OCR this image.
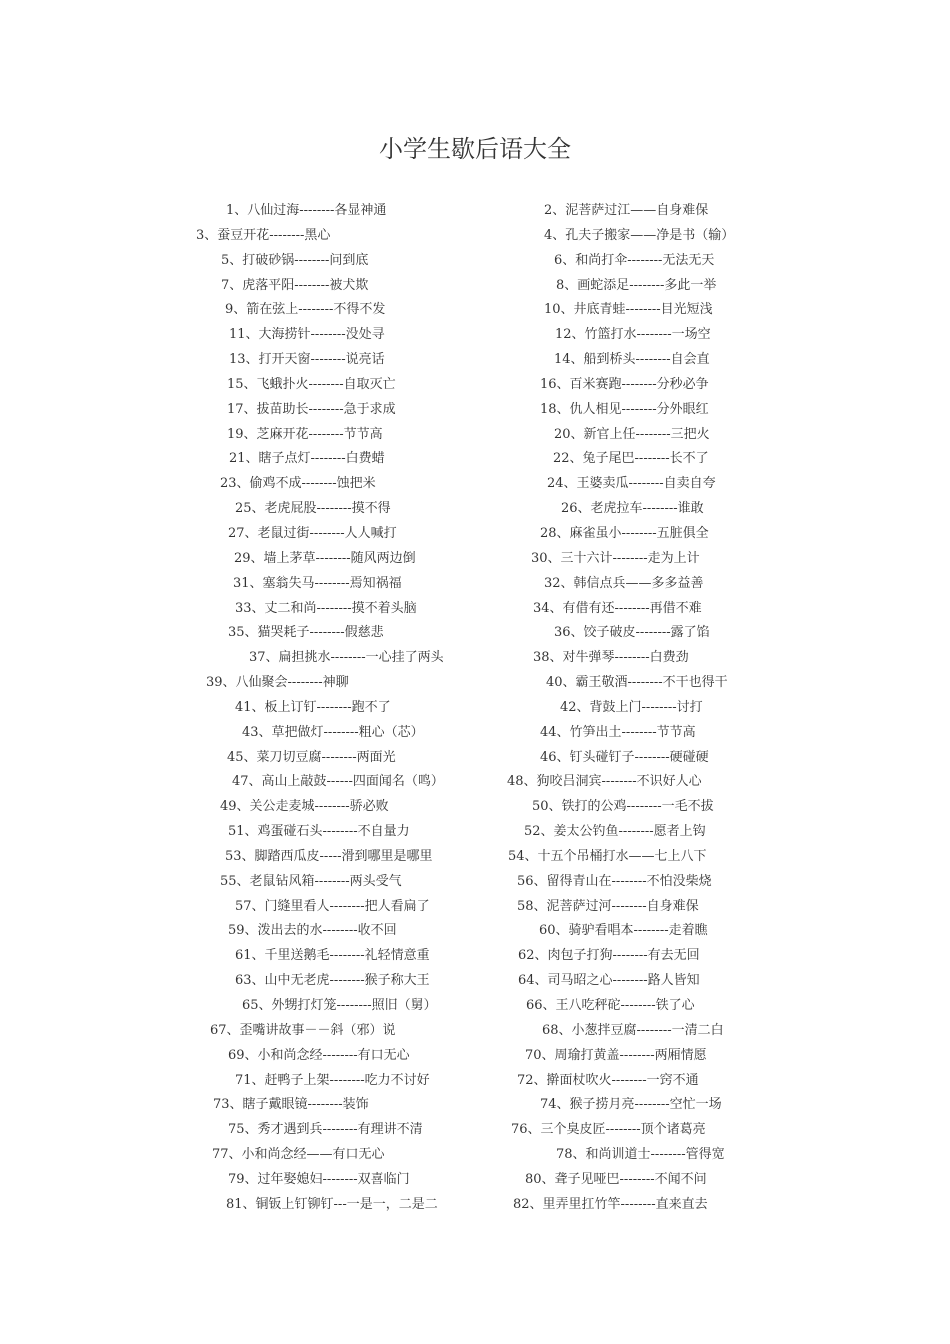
小学生歇后语大全
1、八仙过海--------各显神通	2、泥菩萨过江——自身难保
3、蚕豆开花--------黑心	4、孔夫子搬家——净是书（输）
5、打破砂锅--------问到底	6、和尚打伞--------无法无天
7、虎落平阳--------被犬欺	8、画蛇添足--------多此一举
9、箭在弦上--------不得不发	10、井底青蛙--------目光短浅
11、大海捞针--------没处寻	12、竹篮打水--------一场空
13、打开天窗--------说亮话	14、船到桥头--------自会直
15、飞蛾扑火--------自取灭亡	16、百米赛跑--------分秒必争
17、拔苗助长--------急于求成	18、仇人相见--------分外眼红
19、芝麻开花--------节节高	20、新官上任--------三把火
21、瞎子点灯--------白费蜡	22、兔子尾巴--------长不了
23、偷鸡不成--------蚀把米	24、王婆卖瓜--------自卖自夸
25、老虎屁股--------摸不得	26、老虎拉车--------谁敢
27、老鼠过街--------人人喊打	28、麻雀虽小--------五脏俱全
29、墙上茅草--------随风两边倒	30、三十六计--------走为上计
31、塞翁失马--------焉知祸福	32、韩信点兵——多多益善
33、丈二和尚--------摸不着头脑	34、有借有还--------再借不难
35、猫哭耗子--------假慈悲	36、饺子破皮--------露了馅
37、扁担挑水--------一心挂了两头	38、对牛弹琴--------白费劲
39、八仙聚会--------神聊	40、霸王敬酒--------不干也得干
41、板上订钉--------跑不了	42、背鼓上门--------讨打
43、草把做灯--------粗心（芯）	44、竹笋出土--------节节高
45、菜刀切豆腐--------两面光	46、钉头碰钉子--------硬碰硬
47、高山上敲鼓------四面闻名（鸣）	48、狗咬吕洞宾--------不识好人心
49、关公走麦城--------骄必败	50、铁打的公鸡--------一毛不拔
51、鸡蛋碰石头--------不自量力	52、姜太公钓鱼--------愿者上钩
53、脚踏西瓜皮-----滑到哪里是哪里	54、十五个吊桶打水——七上八下
55、老鼠钻风箱--------两头受气	56、留得青山在--------不怕没柴烧
57、门缝里看人--------把人看扁了	58、泥菩萨过河--------自身难保
59、泼出去的水--------收不回	60、骑驴看唱本--------走着瞧
61、千里送鹅毛--------礼轻情意重	62、肉包子打狗--------有去无回
63、山中无老虎--------猴子称大王	64、司马昭之心--------路人皆知
65、外甥打灯笼--------照旧（舅）	66、王八吃秤砣--------铁了心
67、歪嘴讲故事－－斜（邪）说	68、小葱拌豆腐--------一清二白
69、小和尚念经--------有口无心	70、周瑜打黄盖--------两厢情愿
71、赶鸭子上架--------吃力不讨好	72、擀面杖吹火--------一窍不通
73、瞎子戴眼镜--------装饰	74、猴子捞月亮--------空忙一场
75、秀才遇到兵--------有理讲不清	76、三个臭皮匠--------顶个诸葛亮
77、小和尚念经——有口无心	78、和尚训道士--------管得宽
79、过年娶媳妇--------双喜临门	80、聋子见哑巴--------不闻不问
81、铜钣上钉铆钉---一是一，二是二	82、里弄里扛竹竿--------直来直去
